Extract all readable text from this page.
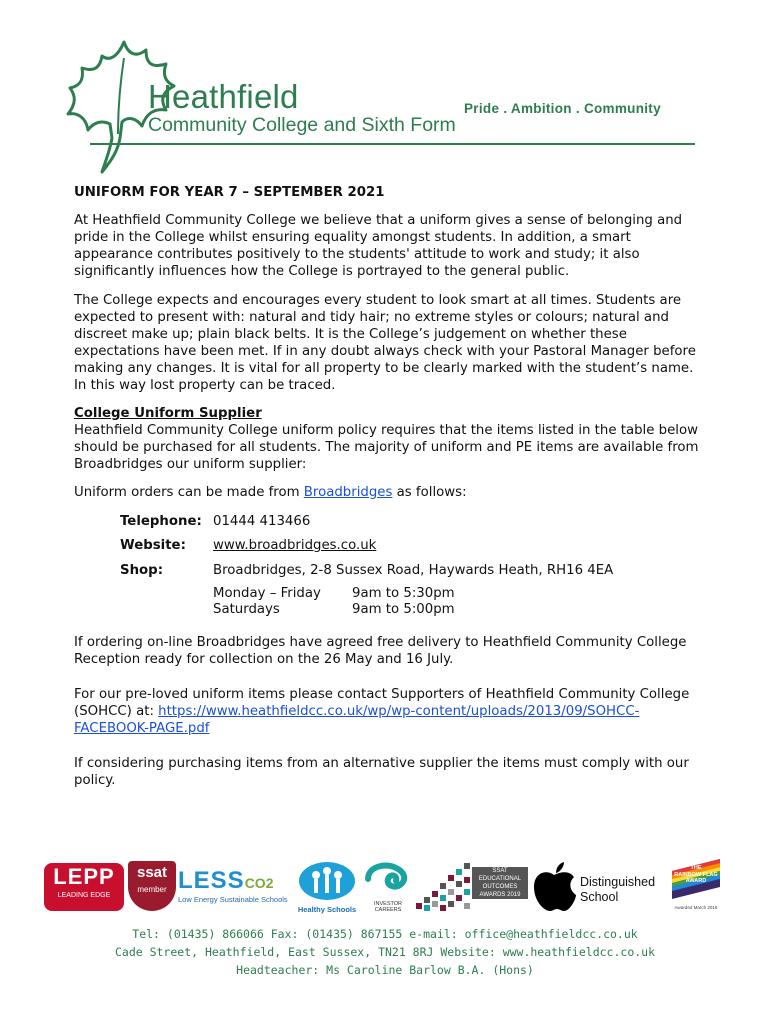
Heathfield
Community College and Sixth Form
Pride . Ambition . Community
UNIFORM FOR YEAR 7 – SEPTEMBER 2021

At Heathfield Community College we believe that a uniform gives a sense of belonging and pride in the College whilst ensuring equality amongst students. In addition, a smart appearance contributes positively to the students' attitude to work and study; it also significantly influences how the College is portrayed to the general public.

The College expects and encourages every student to look smart at all times. Students are expected to present with: natural and tidy hair; no extreme styles or colours; natural and discreet make up; plain black belts. It is the College’s judgement on whether these expectations have been met. If in any doubt always check with your Pastoral Manager before making any changes. It is vital for all property to be clearly marked with the student’s name. In this way lost property can be traced.

College Uniform Supplier

Heathfield Community College uniform policy requires that the items listed in the table below should be purchased for all students. The majority of uniform and PE items are available from Broadbridges our uniform supplier:

Uniform orders can be made from Broadbridges as follows:

Telephone: 01444 413466
Website: www.broadbridges.co.uk
Shop:	Broadbridges, 2-8 Sussex Road, Haywards Heath, RH16 4EA
Monday – Friday 9am to 5:30pm
Saturdays	9am to 5:00pm

If ordering on-line Broadbridges have agreed free delivery to Heathfield Community College Reception ready for collection on the 26 May and 16 July.

For our pre-loved uniform items please contact Supporters of Heathfield Community College (SOHCC) at: https://www.heathfieldcc.co.uk/wp/wp-content/uploads/2013/09/SOHCC-FACEBOOK-PAGE.pdf

If considering purchasing items from an alternative supplier the items must comply with our policy.

LEPP
LEADING EDGE
ssat
member LESSCO2
Low Energy Sustainable Schools
Healthy Schools
INVESTOR CAREERS
SSAT
EDUCATIONAL
OUTCOMES
AWARDS 2019
Distinguished
School
THE
RAINBOW FLAG
AWARD
Awarded March 2019
Tel: (01435) 866066 Fax: (01435) 867155 e-mail: office@heathfieldcc.co.uk
Cade Street, Heathfield, East Sussex, TN21 8RJ Website: www.heathfieldcc.co.uk
Headteacher: Ms Caroline Barlow B.A. (Hons)
